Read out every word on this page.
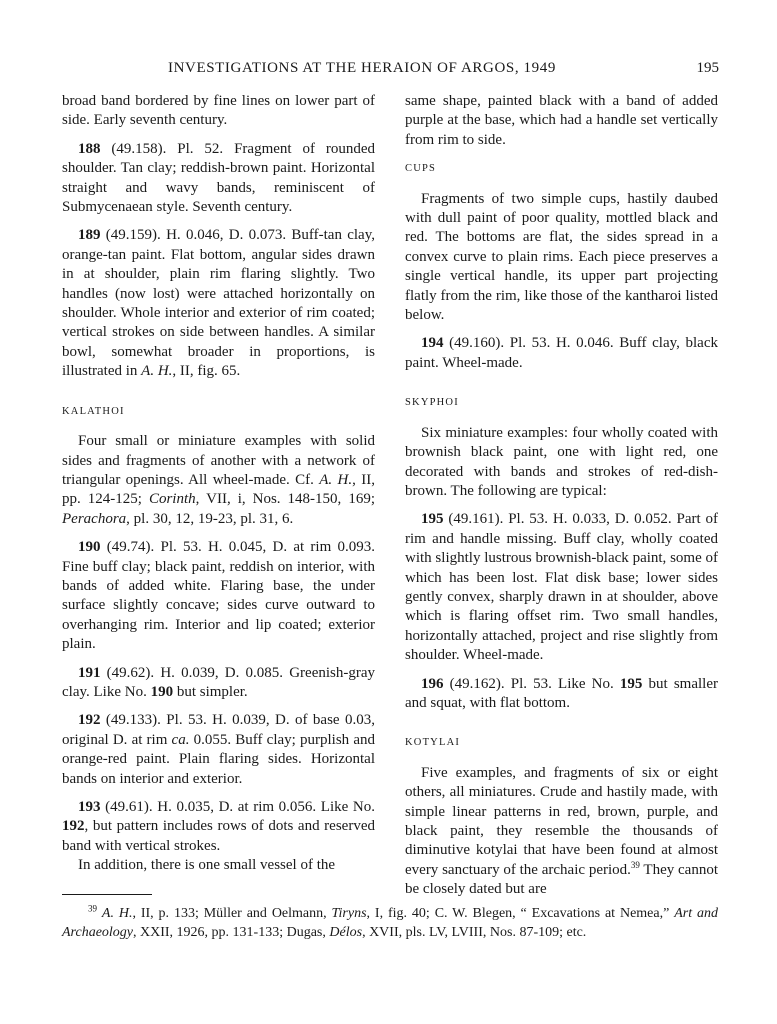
INVESTIGATIONS AT THE HERAION OF ARGOS, 1949	195

broad band bordered by fine lines on lower part of side. Early seventh century.

188 (49.158). Pl. 52. Fragment of rounded shoulder. Tan clay; reddish-brown paint. Horizontal straight and wavy bands, reminiscent of Submycenaean style. Seventh century.

189 (49.159). H. 0.046, D. 0.073. Buff-tan clay, orange-tan paint. Flat bottom, angular sides drawn in at shoulder, plain rim flaring slightly. Two handles (now lost) were attached horizontally on shoulder. Whole interior and exterior of rim coated; vertical strokes on side between handles. A similar bowl, somewhat broader in proportions, is illustrated in A. H., II, fig. 65.

KALATHOI

Four small or miniature examples with solid sides and fragments of another with a network of triangular openings. All wheel-made. Cf. A. H., II, pp. 124-125; Corinth, VII, i, Nos. 148-150, 169; Perachora, pl. 30, 12, 19-23, pl. 31, 6.

190 (49.74). Pl. 53. H. 0.045, D. at rim 0.093. Fine buff clay; black paint, reddish on interior, with bands of added white. Flaring base, the under surface slightly concave; sides curve outward to overhanging rim. Interior and lip coated; exterior plain.

191 (49.62). H. 0.039, D. 0.085. Greenish-gray clay. Like No. 190 but simpler.

192 (49.133). Pl. 53. H. 0.039, D. of base 0.03, original D. at rim ca. 0.055. Buff clay; purplish and orange-red paint. Plain flaring sides. Horizontal bands on interior and exterior.

193 (49.61). H. 0.035, D. at rim 0.056. Like No. 192, but pattern includes rows of dots and reserved band with vertical strokes.

In addition, there is one small vessel of the

same shape, painted black with a band of added purple at the base, which had a handle set vertically from rim to side.

CUPS

Fragments of two simple cups, hastily daubed with dull paint of poor quality, mottled black and red. The bottoms are flat, the sides spread in a convex curve to plain rims. Each piece preserves a single vertical handle, its upper part projecting flatly from the rim, like those of the kantharoi listed below.

194 (49.160). Pl. 53. H. 0.046. Buff clay, black paint. Wheel-made.

SKYPHOI

Six miniature examples: four wholly coated with brownish black paint, one with light red, one decorated with bands and strokes of red-dish-brown. The following are typical:

195 (49.161). Pl. 53. H. 0.033, D. 0.052. Part of rim and handle missing. Buff clay, wholly coated with slightly lustrous brownish-black paint, some of which has been lost. Flat disk base; lower sides gently convex, sharply drawn in at shoulder, above which is flaring offset rim. Two small handles, horizontally attached, project and rise slightly from shoulder. Wheel-made.

196 (49.162). Pl. 53. Like No. 195 but smaller and squat, with flat bottom.

KOTYLAI

Five examples, and fragments of six or eight others, all miniatures. Crude and hastily made, with simple linear patterns in red, brown, purple, and black paint, they resemble the thousands of diminutive kotylai that have been found at almost every sanctuary of the archaic period.$^{39}$ They cannot be closely dated but are

$^{39}$ A. H., II, p. 133; Müller and Oelmann, Tiryns, I, fig. 40; C. W. Blegen, “ Excavations at Nemea,” Art and Archaeology, XXII, 1926, pp. 131-133; Dugas, Délos, XVII, pls. LV, LVIII, Nos. 87-109; etc.
